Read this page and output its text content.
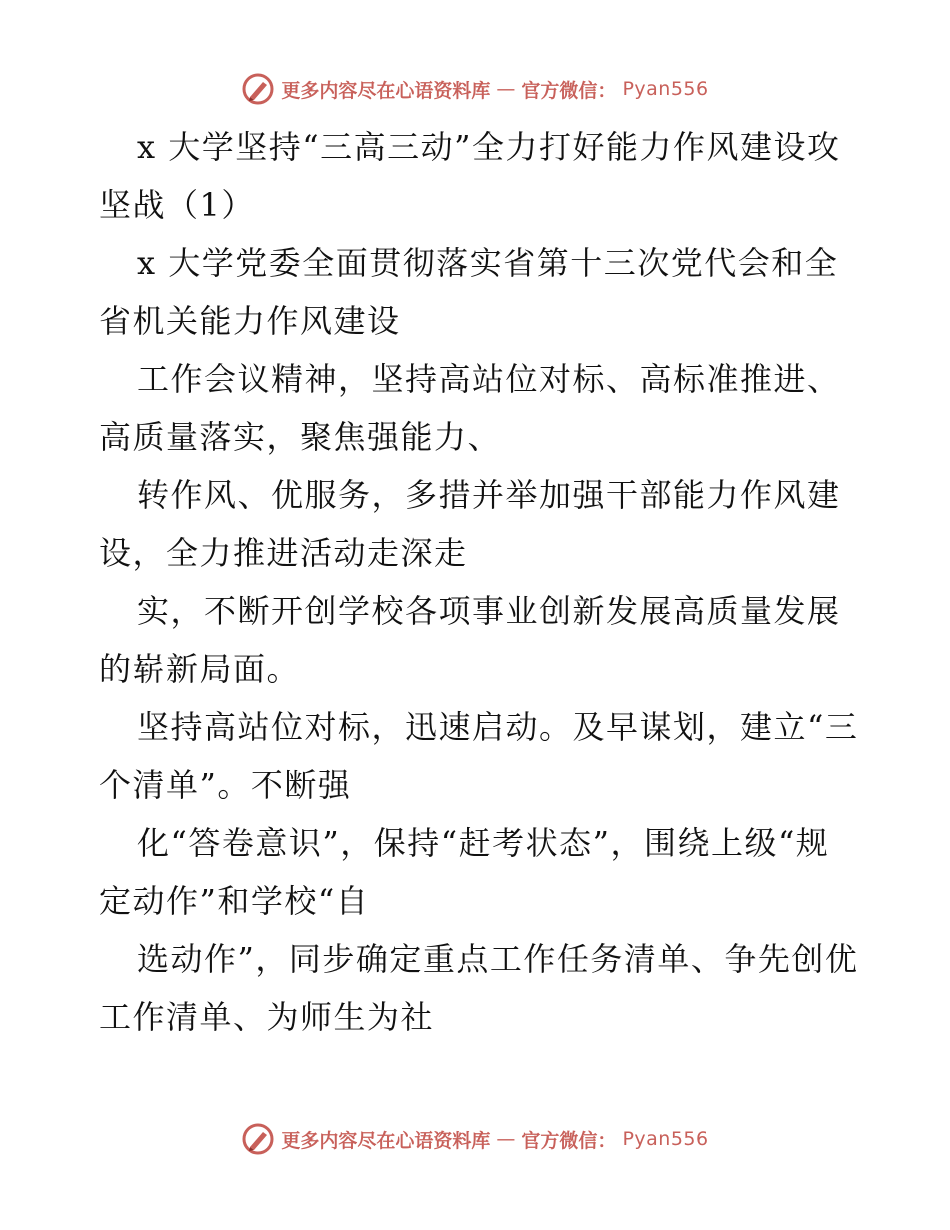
更多内容尽在心语资料库 — 官方微信： Pyan556

x 大学坚持“三高三动”全力打好能力作风建设攻坚战（1）

x 大学党委全面贯彻落实省第十三次党代会和全省机关能力作风建设

工作会议精神，坚持高站位对标、高标准推进、高质量落实，聚焦强能力、

转作风、优服务，多措并举加强干部能力作风建设，全力推进活动走深走

实，不断开创学校各项事业创新发展高质量发展的崭新局面。

坚持高站位对标，迅速启动。及早谋划，建立“三个清单”。不断强

化“答卷意识”，保持“赶考状态”，围绕上级“规定动作”和学校“自

选动作”，同步确定重点工作任务清单、争先创优工作清单、为师生为社

更多内容尽在心语资料库 — 官方微信： Pyan556
